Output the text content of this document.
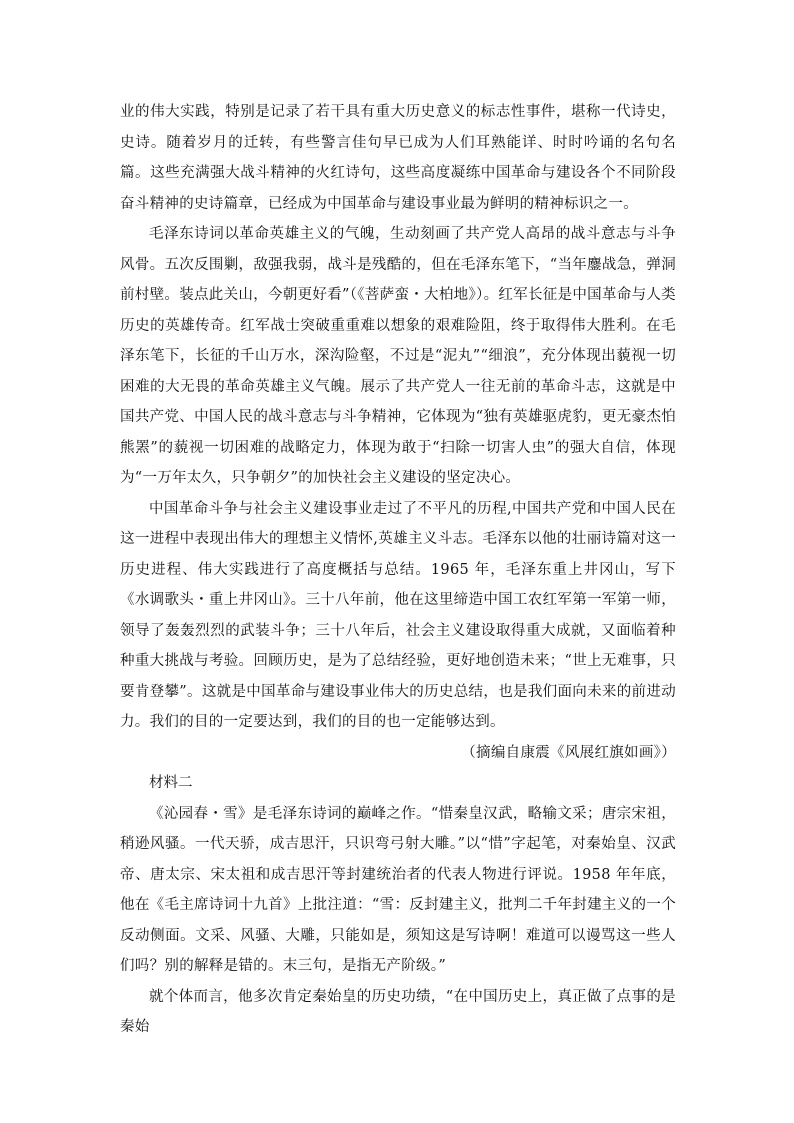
业的伟大实践，特别是记录了若干具有重大历史意义的标志性事件，堪称一代诗史，史诗。随着岁月的迁转，有些警言佳句早已成为人们耳熟能详、时时吟诵的名句名篇。这些充满强大战斗精神的火红诗句，这些高度凝练中国革命与建设各个不同阶段奋斗精神的史诗篇章，已经成为中国革命与建设事业最为鲜明的精神标识之一。

毛泽东诗词以革命英雄主义的气魄，生动刻画了共产党人高昂的战斗意志与斗争风骨。五次反围剿，敌强我弱，战斗是残酷的，但在毛泽东笔下，“当年鏖战急，弹洞前村壁。装点此关山，今朝更好看”（《菩萨蛮・大柏地》）。红军长征是中国革命与人类历史的英雄传奇。红军战士突破重重难以想象的艰难险阻，终于取得伟大胜利。在毛泽东笔下，长征的千山万水，深沟险壑，不过是“泥丸”“细浪”，充分体现出藐视一切困难的大无畏的革命英雄主义气魄。展示了共产党人一往无前的革命斗志，这就是中国共产党、中国人民的战斗意志与斗争精神，它体现为“独有英雄驱虎豹，更无豪杰怕熊罴”的藐视一切困难的战略定力，体现为敢于“扫除一切害人虫”的强大自信，体现为“一万年太久，只争朝夕”的加快社会主义建设的坚定决心。

中国革命斗争与社会主义建设事业走过了不平凡的历程,中国共产党和中国人民在这一进程中表现出伟大的理想主义情怀,英雄主义斗志。毛泽东以他的壮丽诗篇对这一历史进程、伟大实践进行了高度概括与总结。1965 年，毛泽东重上井冈山，写下《水调歌头・重上井冈山》。三十八年前，他在这里缔造中国工农红军第一军第一师，领导了轰轰烈烈的武装斗争；三十八年后，社会主义建设取得重大成就，又面临着种种重大挑战与考验。回顾历史，是为了总结经验，更好地创造未来；“世上无难事，只要肯登攀”。这就是中国革命与建设事业伟大的历史总结，也是我们面向未来的前进动力。我们的目的一定要达到，我们的目的也一定能够达到。

（摘编自康震《风展红旗如画》）

材料二

《沁园春・雪》是毛泽东诗词的巅峰之作。“惜秦皇汉武，略输文采；唐宗宋祖，稍逊风骚。一代天骄，成吉思汗，只识弯弓射大雕。”以“惜”字起笔，对秦始皇、汉武帝、唐太宗、宋太祖和成吉思汗等封建统治者的代表人物进行评说。1958 年年底，他在《毛主席诗词十九首》上批注道：“雪：反封建主义，批判二千年封建主义的一个反动侧面。文采、风骚、大雕，只能如是，须知这是写诗啊！难道可以谩骂这一些人们吗？别的解释是错的。末三句，是指无产阶级。”

就个体而言，他多次肯定秦始皇的历史功绩，“在中国历史上，真正做了点事的是秦始
